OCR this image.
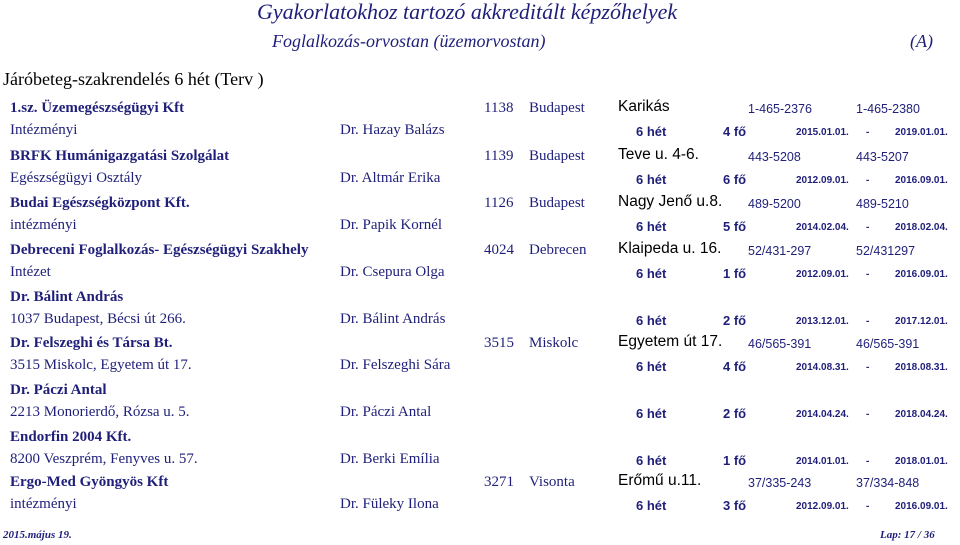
Gyakorlatokhoz tartozó akkreditált képzőhelyek
Foglalkozás-orvostan (üzemorvostan)	(A)
Járóbeteg-szakrendelés 6 hét (Terv )
1.sz. Üzemegészségügyi Kft	1138 Budapest Karikás	1-465-2376	1-465-2380
Intézményi	Dr. Hazay Balázs	6 hét	4 fő	2015.01.01. -	2019.01.01.
BRFK Humánigazgatási Szolgálat	1139 Budapest Teve u. 4-6.	443-5208	443-5207
Egészségügyi Osztály	Dr. Altmár Erika	6 hét	6 fő	2012.09.01. -	2016.09.01.
Budai Egészségközpont Kft.	1126 Budapest Nagy Jenő u.8. 489-5200	489-5210
intézményi	Dr. Papik Kornél	6 hét	5 fő	2014.02.04. -	2018.02.04.
Debreceni Foglalkozás- Egészségügyi Szakhely	4024 Debrecen Klaipeda u. 16. 52/431-297	52/431297
Intézet	Dr. Csepura Olga	6 hét	1 fő	2012.09.01. -	2016.09.01.
Dr. Bálint András
1037 Budapest, Bécsi út 266.	Dr. Bálint András	6 hét	2 fő	2013.12.01. -	2017.12.01.
Dr. Felszeghi és Társa Bt.	3515 Miskolc	Egyetem út 17. 46/565-391	46/565-391
3515 Miskolc, Egyetem út 17.	Dr. Felszeghi Sára	6 hét	4 fő	2014.08.31. -	2018.08.31.
Dr. Páczi Antal
2213 Monorierdő, Rózsa u. 5.	Dr. Páczi Antal	6 hét	2 fő	2014.04.24. -	2018.04.24.
Endorfin 2004 Kft.
8200 Veszprém, Fenyves u. 57.	Dr. Berki Emília	6 hét	1 fő	2014.01.01. -	2018.01.01.
Ergo-Med Gyöngyös Kft	3271 Visonta	Erőmű u.11.	37/335-243	37/334-848
intézményi	Dr. Füleky Ilona	6 hét	3 fő	2012.09.01. -	2016.09.01.
2015.május 19.	Lap: 17 / 36
